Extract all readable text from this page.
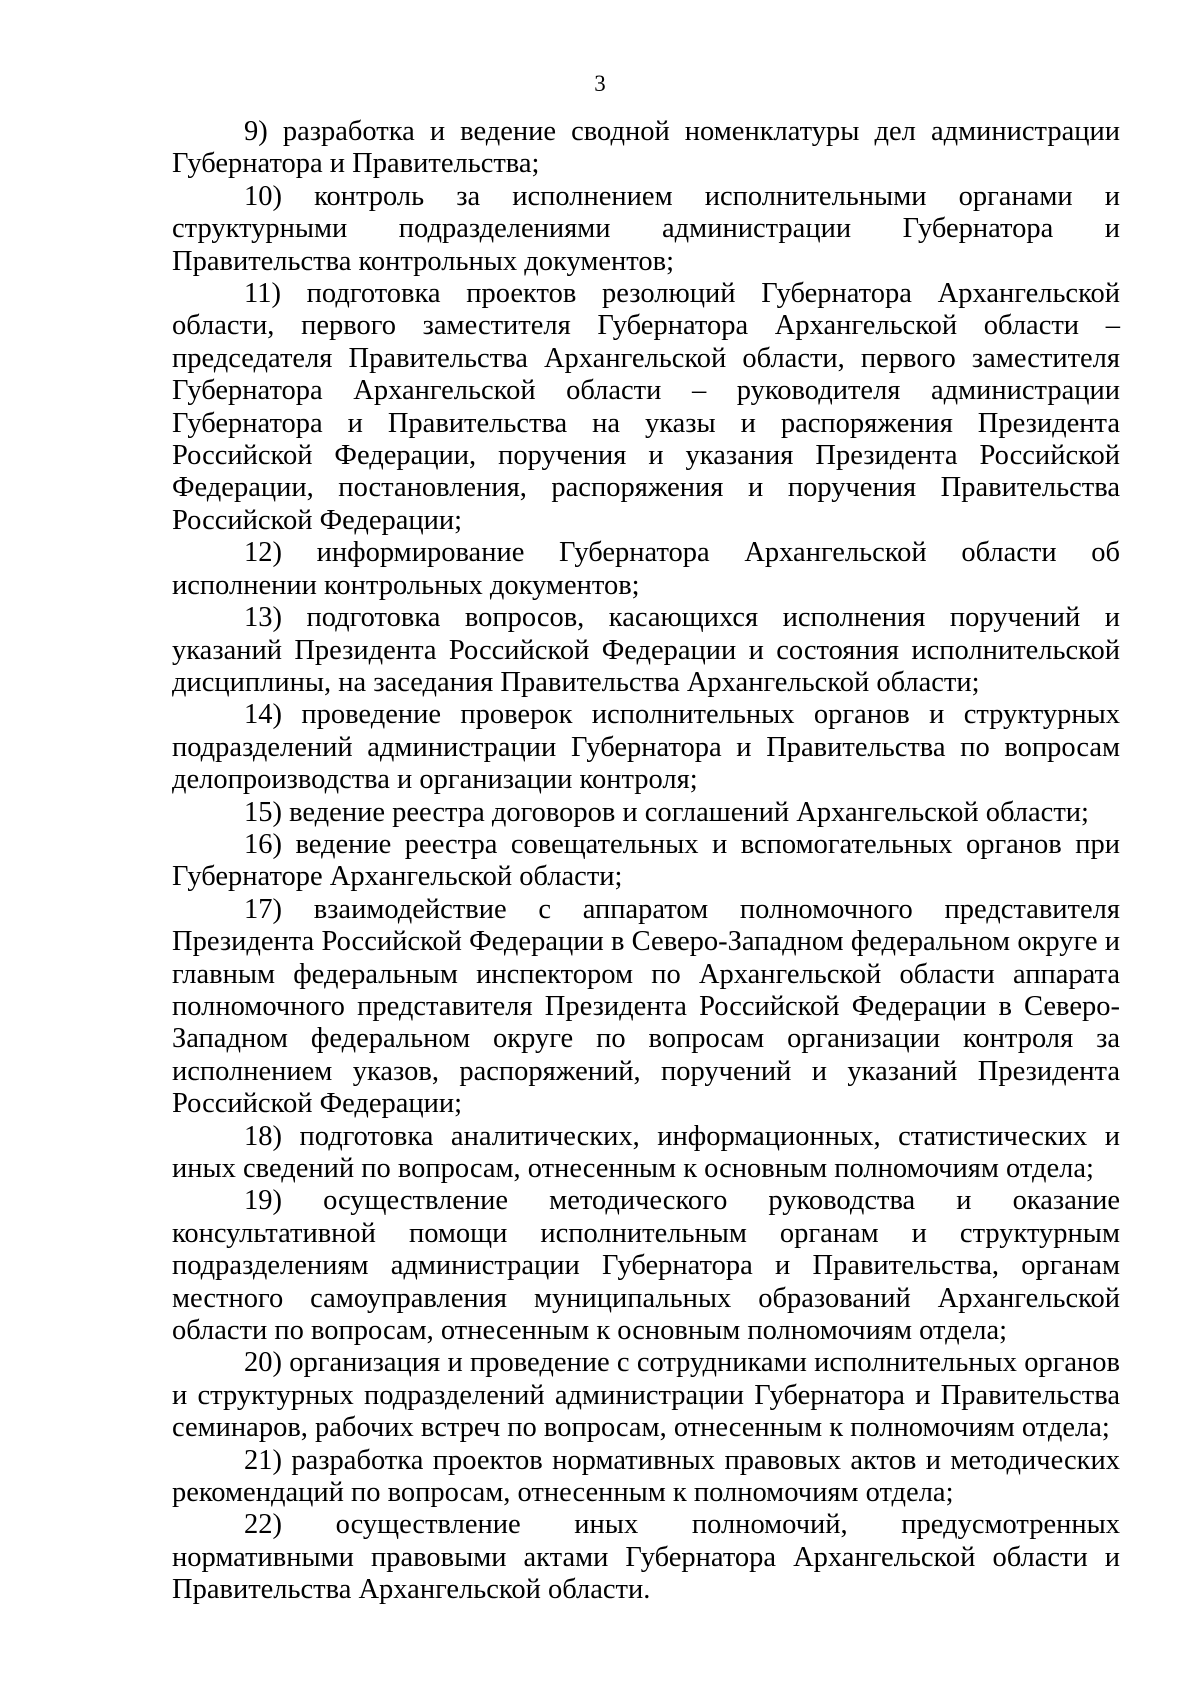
3

9) разработка и ведение сводной номенклатуры дел администрации Губернатора и Правительства;

10) контроль за исполнением исполнительными органами и структурными подразделениями администрации Губернатора и Правительства контрольных документов;

11) подготовка проектов резолюций Губернатора Архангельской области, первого заместителя Губернатора Архангельской области – председателя Правительства Архангельской области, первого заместителя Губернатора Архангельской области – руководителя администрации Губернатора и Правительства на указы и распоряжения Президента Российской Федерации, поручения и указания Президента Российской Федерации, постановления, распоряжения и поручения Правительства Российской Федерации;

12) информирование Губернатора Архангельской области об исполнении контрольных документов;

13) подготовка вопросов, касающихся исполнения поручений и указаний Президента Российской Федерации и состояния исполнительской дисциплины, на заседания Правительства Архангельской области;

14) проведение проверок исполнительных органов и структурных подразделений администрации Губернатора и Правительства по вопросам делопроизводства и организации контроля;

15) ведение реестра договоров и соглашений Архангельской области;

16) ведение реестра совещательных и вспомогательных органов при Губернаторе Архангельской области;

17) взаимодействие с аппаратом полномочного представителя Президента Российской Федерации в Северо-Западном федеральном округе и главным федеральным инспектором по Архангельской области аппарата полномочного представителя Президента Российской Федерации в Северо-Западном федеральном округе по вопросам организации контроля за исполнением указов, распоряжений, поручений и указаний Президента Российской Федерации;

18) подготовка аналитических, информационных, статистических и иных сведений по вопросам, отнесенным к основным полномочиям отдела;

19) осуществление методического руководства и оказание консультативной помощи исполнительным органам и структурным подразделениям администрации Губернатора и Правительства, органам местного самоуправления муниципальных образований Архангельской области по вопросам, отнесенным к основным полномочиям отдела;

20) организация и проведение с сотрудниками исполнительных органов и структурных подразделений администрации Губернатора и Правительства семинаров, рабочих встреч по вопросам, отнесенным к полномочиям отдела;

21) разработка проектов нормативных правовых актов и методических рекомендаций по вопросам, отнесенным к полномочиям отдела;

22) осуществление иных полномочий, предусмотренных нормативными правовыми актами Губернатора Архангельской области и Правительства Архангельской области.
